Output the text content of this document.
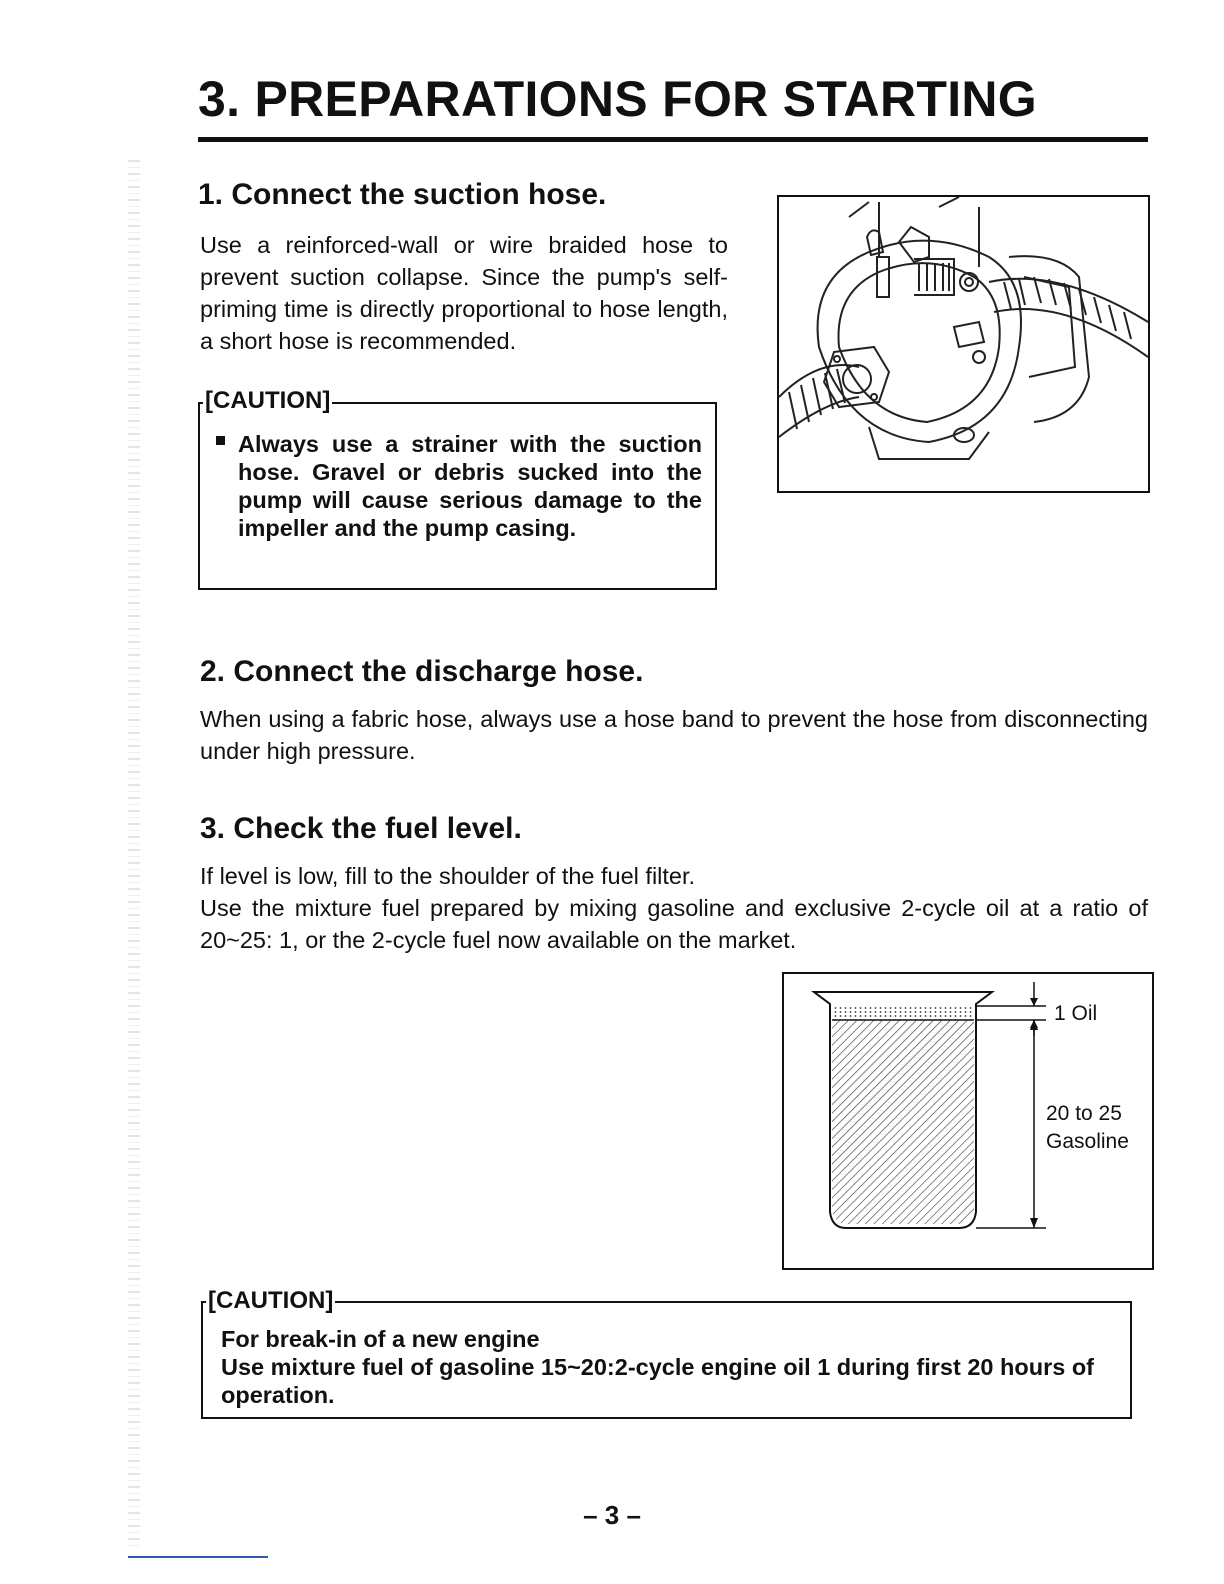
3. PREPARATIONS FOR STARTING
1. Connect the suction hose.

Use a reinforced-wall or wire braided hose to prevent suction collapse. Since the pump's self-priming time is directly proportional to hose length, a short hose is recommended.

Always use a strainer with the suction hose. Gravel or debris sucked into the pump will cause serious damage to the impeller and the pump casing.

[CAUTION]
2. Connect the discharge hose.

When using a fabric hose, always use a hose band to prevent the hose from disconnecting under high pressure.

3. Check the fuel level.

If level is low, fill to the shoulder of the fuel filter.

Use the mixture fuel prepared by mixing gasoline and exclusive 2-cycle oil at a ratio of 20~25: 1, or the 2-cycle fuel now available on the market.

1 Oil
20 to 25
Gasoline

For break-in of a new engine

Use mixture fuel of gasoline 15~20:2-cycle engine oil 1 during first 20 hours of operation.

[CAUTION]
– 3 –
